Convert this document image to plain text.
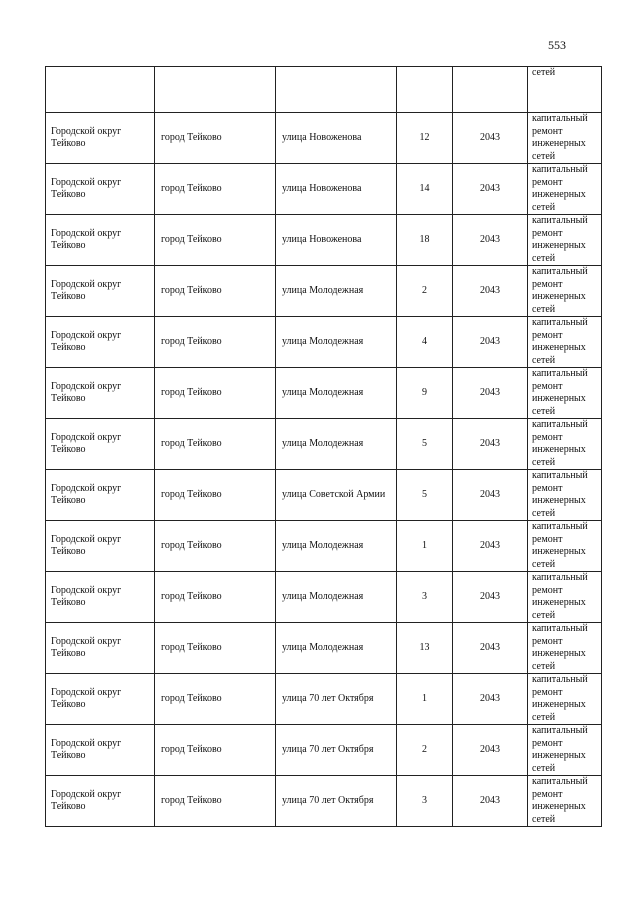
553
					сетей
Городской округ Тейково	город Тейково	улица Новоженова	12	2043	капитальный ремонт инженерных сетей
Городской округ Тейково	город Тейково	улица Новоженова	14	2043	капитальный ремонт инженерных сетей
Городской округ Тейково	город Тейково	улица Новоженова	18	2043	капитальный ремонт инженерных сетей
Городской округ Тейково	город Тейково	улица Молодежная	2	2043	капитальный ремонт инженерных сетей
Городской округ Тейково	город Тейково	улица Молодежная	4	2043	капитальный ремонт инженерных сетей
Городской округ Тейково	город Тейково	улица Молодежная	9	2043	капитальный ремонт инженерных сетей
Городской округ Тейково	город Тейково	улица Молодежная	5	2043	капитальный ремонт инженерных сетей
Городской округ Тейково	город Тейково	улица Советской Армии	5	2043	капитальный ремонт инженерных сетей
Городской округ Тейково	город Тейково	улица Молодежная	1	2043	капитальный ремонт инженерных сетей
Городской округ Тейково	город Тейково	улица Молодежная	3	2043	капитальный ремонт инженерных сетей
Городской округ Тейково	город Тейково	улица Молодежная	13	2043	капитальный ремонт инженерных сетей
Городской округ Тейково	город Тейково	улица 70 лет Октября	1	2043	капитальный ремонт инженерных сетей
Городской округ Тейково	город Тейково	улица 70 лет Октября	2	2043	капитальный ремонт инженерных сетей
Городской округ Тейково	город Тейково	улица 70 лет Октября	3	2043	капитальный ремонт инженерных сетей
